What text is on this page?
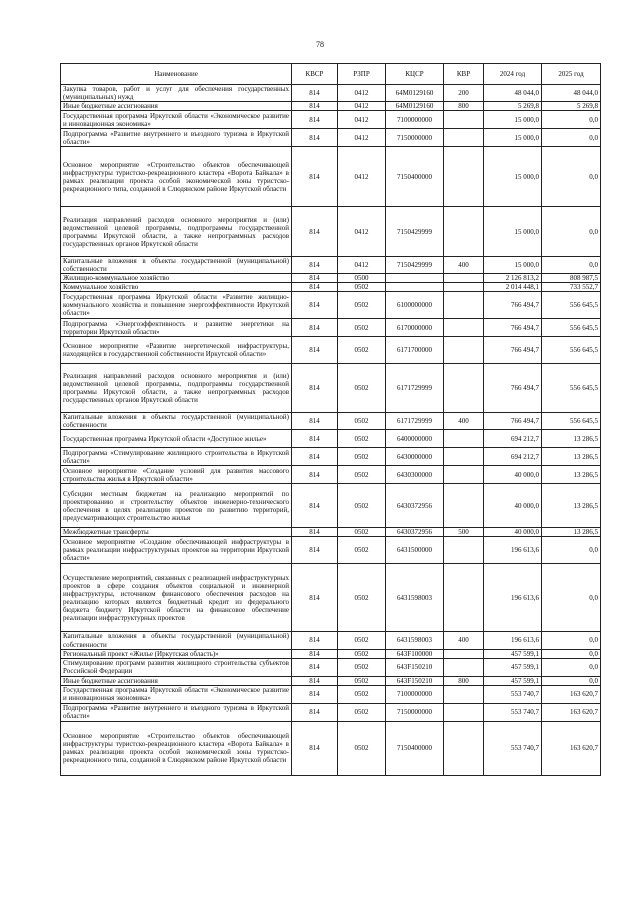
78
Наименование	КВСР	РЗПР	КЦСР	КВР	2024 год	2025 год
Закупка товаров, работ и услуг для обеспечения государственных (муниципальных) нужд	814	0412	64М0129160	200	48 044,0	48 044,0
Иные бюджетные ассигнования	814	0412	64М0129160	800	5 269,8	5 269,8
Государственная программа Иркутской области «Экономическое развитие и инновационная экономика»	814	0412	7100000000		15 000,0	0,0
Подпрограмма «Развитие внутреннего и въездного туризма в Иркутской области»	814	0412	7150000000		15 000,0	0,0
Основное мероприятие «Строительство объектов обеспечивающей инфраструктуры туристско-рекреационного кластера «Ворота Байкала» в рамках реализации проекта особой экономической зоны туристско-рекреационного типа, созданной в Слюдянском районе Иркутской области	814	0412	7150400000		15 000,0	0,0
Реализация направлений расходов основного мероприятия и (или) ведомственной целевой программы, подпрограммы государственной программы Иркутской области, а также непрограммных расходов государственных органов Иркутской области	814	0412	7150429999		15 000,0	0,0
Капитальные вложения в объекты государственной (муниципальной) собственности	814	0412	7150429999	400	15 000,0	0,0
Жилищно-коммунальное хозяйство	814	0500			2 126 813,2	808 987,5
Коммунальное хозяйство	814	0502			2 014 448,1	733 552,7
Государственная программа Иркутской области «Развитие жилищно-коммунального хозяйства и повышение энергоэффективности Иркутской области»	814	0502	6100000000		766 494,7	556 645,5
Подпрограмма «Энергоэффективность и развитие энергетики на территории Иркутской области»	814	0502	6170000000		766 494,7	556 645,5
Основное мероприятие «Развитие энергетической инфраструктуры, находящейся в государственной собственности Иркутской области»	814	0502	6171700000		766 494,7	556 645,5
Реализация направлений расходов основного мероприятия и (или) ведомственной целевой программы, подпрограммы государственной программы Иркутской области, а также непрограммных расходов государственных органов Иркутской области	814	0502	6171729999		766 494,7	556 645,5
Капитальные вложения в объекты государственной (муниципальной) собственности	814	0502	6171729999	400	766 494,7	556 645,5
Государственная программа Иркутской области «Доступное жилье»	814	0502	6400000000		694 212,7	13 286,5
Подпрограмма «Стимулирование жилищного строительства в Иркутской области»	814	0502	6430000000		694 212,7	13 286,5
Основное мероприятие «Создание условий для развития массового строительства жилья в Иркутской области»	814	0502	6430300000		40 000,0	13 286,5
Субсидии местным бюджетам на реализацию мероприятий по проектированию и строительству объектов инженерно-технического обеспечения в целях реализации проектов по развитию территорий, предусматривающих строительство жилья	814	0502	6430372956		40 000,0	13 286,5
Межбюджетные трансферты	814	0502	6430372956	500	40 000,0	13 286,5
Основное мероприятие «Создание обеспечивающей инфраструктуры в рамках реализации инфраструктурных проектов на территории Иркутской области»	814	0502	6431500000		196 613,6	0,0
Осуществление мероприятий, связанных с реализацией инфраструктурных проектов в сфере создания объектов социальной и инженерной инфраструктуры, источником финансового обеспечения расходов на реализацию которых является бюджетный кредит из федерального бюджета бюджету Иркутской области на финансовое обеспечение реализации инфраструктурных проектов	814	0502	6431598003		196 613,6	0,0
Капитальные вложения в объекты государственной (муниципальной) собственности	814	0502	6431598003	400	196 613,6	0,0
Региональный проект «Жилье (Иркутская область)»	814	0502	643F100000		457 599,1	0,0
Стимулирование программ развития жилищного строительства субъектов Российской Федерации	814	0502	643F150210		457 599,1	0,0
Иные бюджетные ассигнования	814	0502	643F150210	800	457 599,1	0,0
Государственная программа Иркутской области «Экономическое развитие и инновационная экономика»	814	0502	7100000000		553 740,7	163 620,7
Подпрограмма «Развитие внутреннего и въездного туризма в Иркутской области»	814	0502	7150000000		553 740,7	163 620,7
Основное мероприятие «Строительство объектов обеспечивающей инфраструктуры туристско-рекреационного кластера «Ворота Байкала» в рамках реализации проекта особой экономической зоны туристско-рекреационного типа, созданной в Слюдянском районе Иркутской области	814	0502	7150400000		553 740,7	163 620,7
